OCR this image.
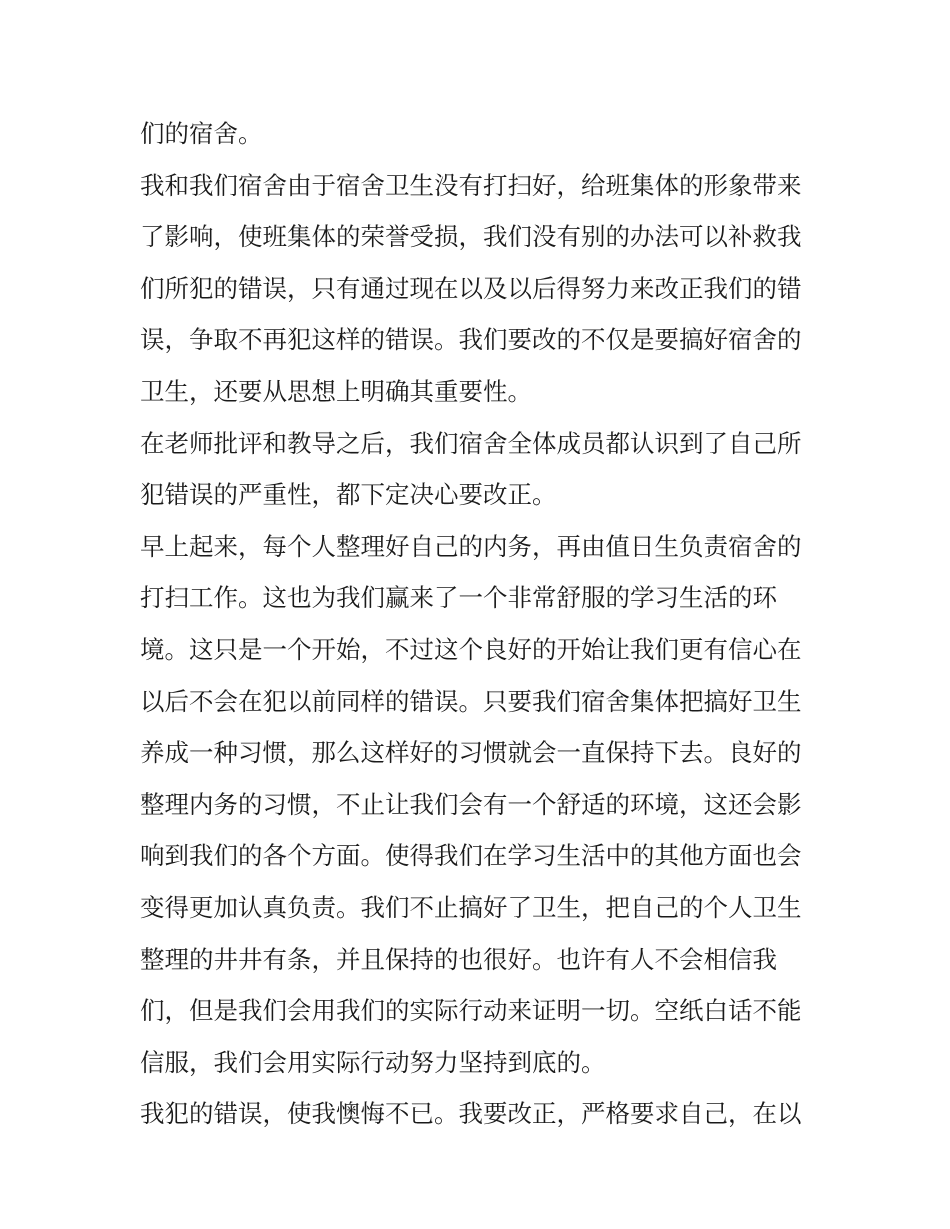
们的宿舍。
我和我们宿舍由于宿舍卫生没有打扫好，给班集体的形象带来
了影响，使班集体的荣誉受损，我们没有别的办法可以补救我
们所犯的错误，只有通过现在以及以后得努力来改正我们的错
误，争取不再犯这样的错误。我们要改的不仅是要搞好宿舍的
卫生，还要从思想上明确其重要性。
在老师批评和教导之后，我们宿舍全体成员都认识到了自己所
犯错误的严重性，都下定决心要改正。
早上起来，每个人整理好自己的内务，再由值日生负责宿舍的
打扫工作。这也为我们赢来了一个非常舒服的学习生活的环
境。这只是一个开始，不过这个良好的开始让我们更有信心在
以后不会在犯以前同样的错误。只要我们宿舍集体把搞好卫生
养成一种习惯，那么这样好的习惯就会一直保持下去。良好的
整理内务的习惯，不止让我们会有一个舒适的环境，这还会影
响到我们的各个方面。使得我们在学习生活中的其他方面也会
变得更加认真负责。我们不止搞好了卫生，把自己的个人卫生
整理的井井有条，并且保持的也很好。也许有人不会相信我
们，但是我们会用我们的实际行动来证明一切。空纸白话不能
信服，我们会用实际行动努力坚持到底的。
我犯的错误，使我懊悔不已。我要改正，严格要求自己，在以
